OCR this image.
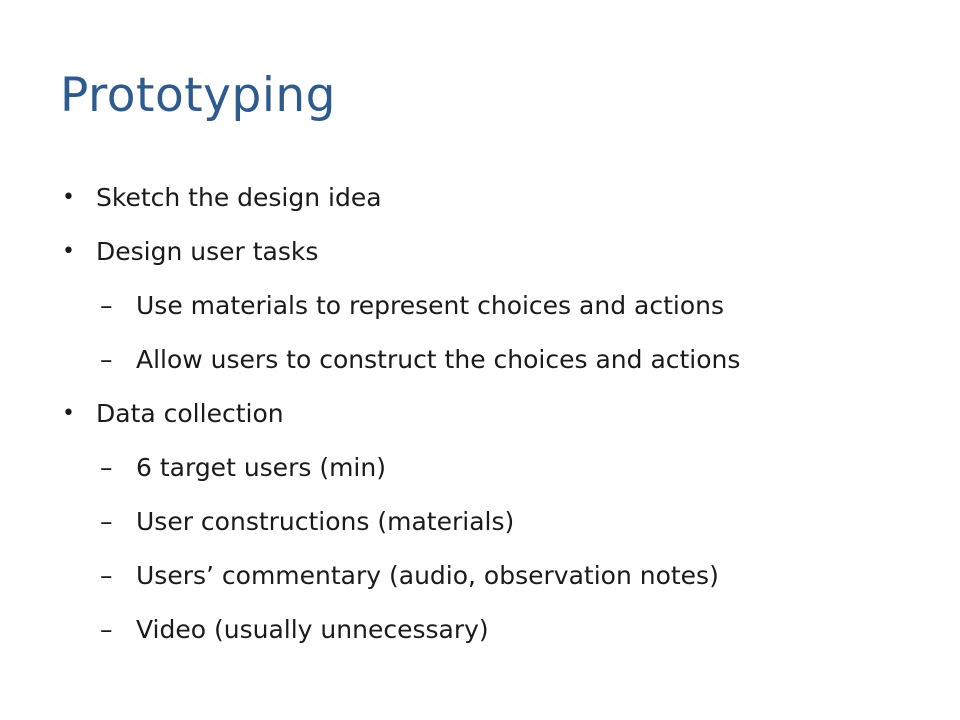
Prototyping
• Sketch the design idea
• Design user tasks
– Use materials to represent choices and actions
– Allow users to construct the choices and actions
• Data collection
– 6 target users (min)
– User constructions (materials)
– Users’ commentary (audio, observation notes)
– Video (usually unnecessary)
